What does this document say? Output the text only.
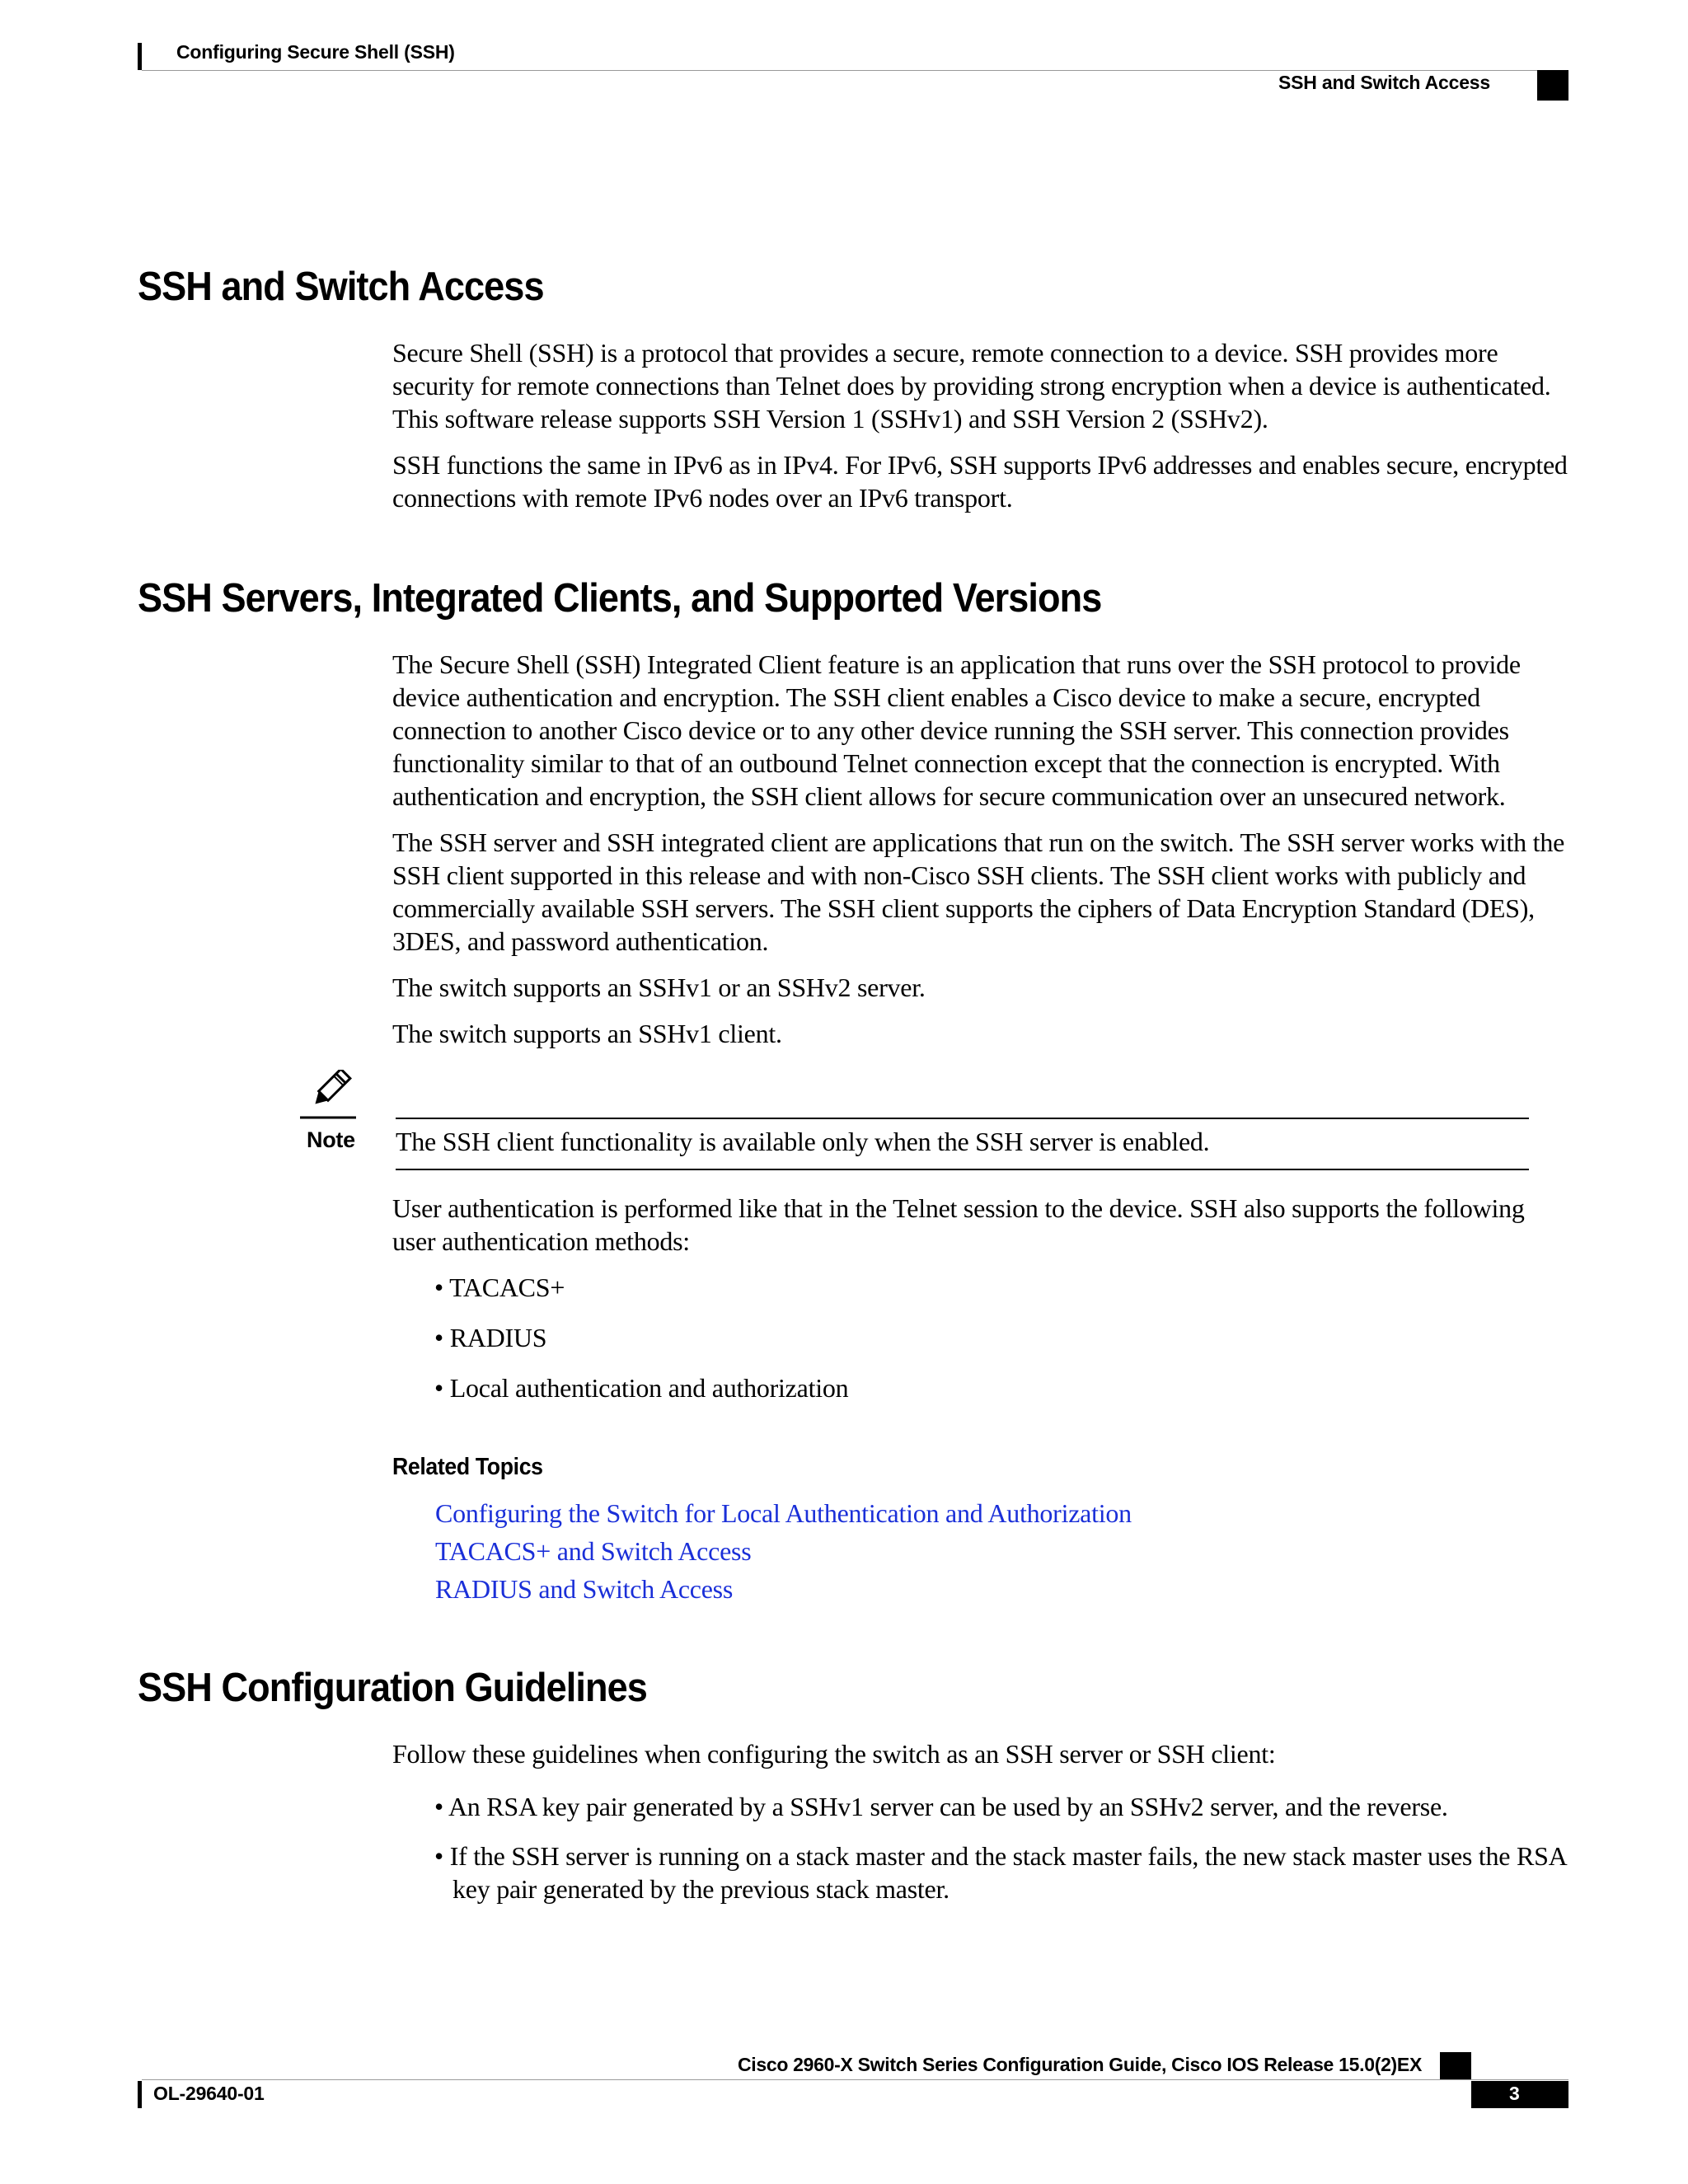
Configuring Secure Shell (SSH)
SSH and Switch Access
SSH and Switch Access

Secure Shell (SSH) is a protocol that provides a secure, remote connection to a device. SSH provides more security for remote connections than Telnet does by providing strong encryption when a device is authenticated. This software release supports SSH Version 1 (SSHv1) and SSH Version 2 (SSHv2).

SSH functions the same in IPv6 as in IPv4. For IPv6, SSH supports IPv6 addresses and enables secure, encrypted connections with remote IPv6 nodes over an IPv6 transport.

SSH Servers, Integrated Clients, and Supported Versions

The Secure Shell (SSH) Integrated Client feature is an application that runs over the SSH protocol to provide device authentication and encryption. The SSH client enables a Cisco device to make a secure, encrypted connection to another Cisco device or to any other device running the SSH server. This connection provides functionality similar to that of an outbound Telnet connection except that the connection is encrypted. With authentication and encryption, the SSH client allows for secure communication over an unsecured network.

The SSH server and SSH integrated client are applications that run on the switch. The SSH server works with the SSH client supported in this release and with non-Cisco SSH clients. The SSH client works with publicly and commercially available SSH servers. The SSH client supports the ciphers of Data Encryption Standard (DES), 3DES, and password authentication.

The switch supports an SSHv1 or an SSHv2 server.

The switch supports an SSHv1 client.

Note The SSH client functionality is available only when the SSH server is enabled.

User authentication is performed like that in the Telnet session to the device. SSH also supports the following user authentication methods:

• TACACS+

• RADIUS

• Local authentication and authorization

Related Topics
Configuring the Switch for Local Authentication and Authorization
TACACS+ and Switch Access
RADIUS and Switch Access
SSH Configuration Guidelines

Follow these guidelines when configuring the switch as an SSH server or SSH client:

• An RSA key pair generated by a SSHv1 server can be used by an SSHv2 server, and the reverse.

• If the SSH server is running on a stack master and the stack master fails, the new stack master uses the RSA key pair generated by the previous stack master.

Cisco 2960-X Switch Series Configuration Guide, Cisco IOS Release 15.0(2)EX
OL-29640-01	3
